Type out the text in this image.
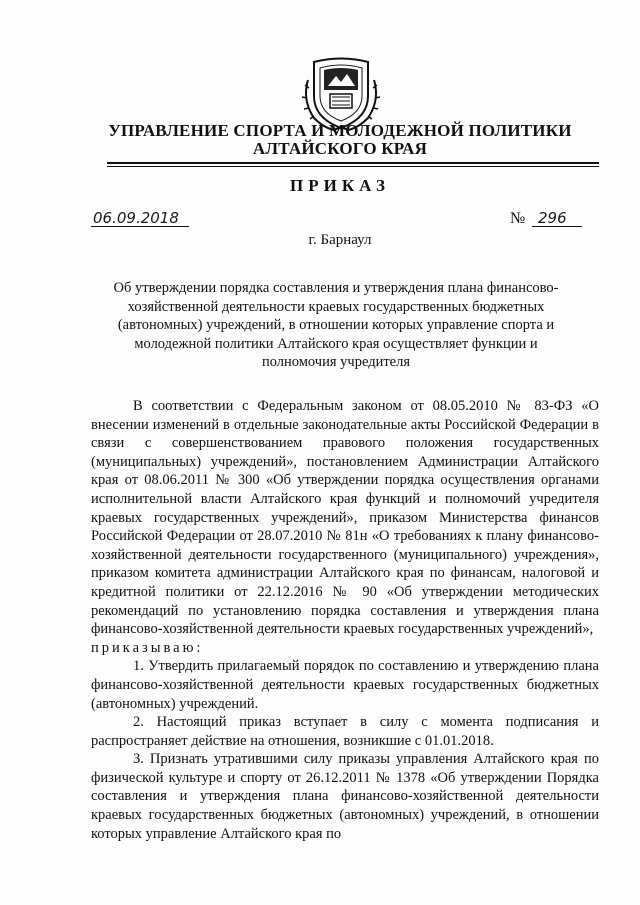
УПРАВЛЕНИЕ СПОРТА И МОЛОДЕЖНОЙ ПОЛИТИКИ
АЛТАЙСКОГО КРАЯ
ПРИКАЗ
06.09.2018	№ 296
г. Барнаул
Об утверждении порядка составления и утверждения плана финансово-хозяйственной деятельности краевых государственных бюджетных (автономных) учреждений, в отношении которых управление спорта и молодежной политики Алтайского края осуществляет функции и полномочия учредителя

В соответствии с Федеральным законом от 08.05.2010 № 83-ФЗ «О внесении изменений в отдельные законодательные акты Российской Федерации в связи с совершенствованием правового положения государственных (муниципальных) учреждений», постановлением Администрации Алтайского края от 08.06.2011 № 300 «Об утверждении порядка осуществления органами исполнительной власти Алтайского края функций и полномочий учредителя краевых государственных учреждений», приказом Министерства финансов Российской Федерации от 28.07.2010 № 81н «О требованиях к плану финансово-хозяйственной деятельности государственного (муниципального) учреждения», приказом комитета администрации Алтайского края по финансам, налоговой и кредитной политики от 22.12.2016 № 90 «Об утверждении методических рекомендаций по установлению порядка составления и утверждения плана финансово-хозяйственной деятельности краевых государственных учреждений»,

приказываю:

1. Утвердить прилагаемый порядок по составлению и утверждению плана финансово-хозяйственной деятельности краевых государственных бюджетных (автономных) учреждений.

2. Настоящий приказ вступает в силу с момента подписания и распространяет действие на отношения, возникшие с 01.01.2018.

3. Признать утратившими силу приказы управления Алтайского края по физической культуре и спорту от 26.12.2011 № 1378 «Об утверждении Порядка составления и утверждения плана финансово-хозяйственной деятельности краевых государственных бюджетных (автономных) учреждений, в отношении которых управление Алтайского края по
